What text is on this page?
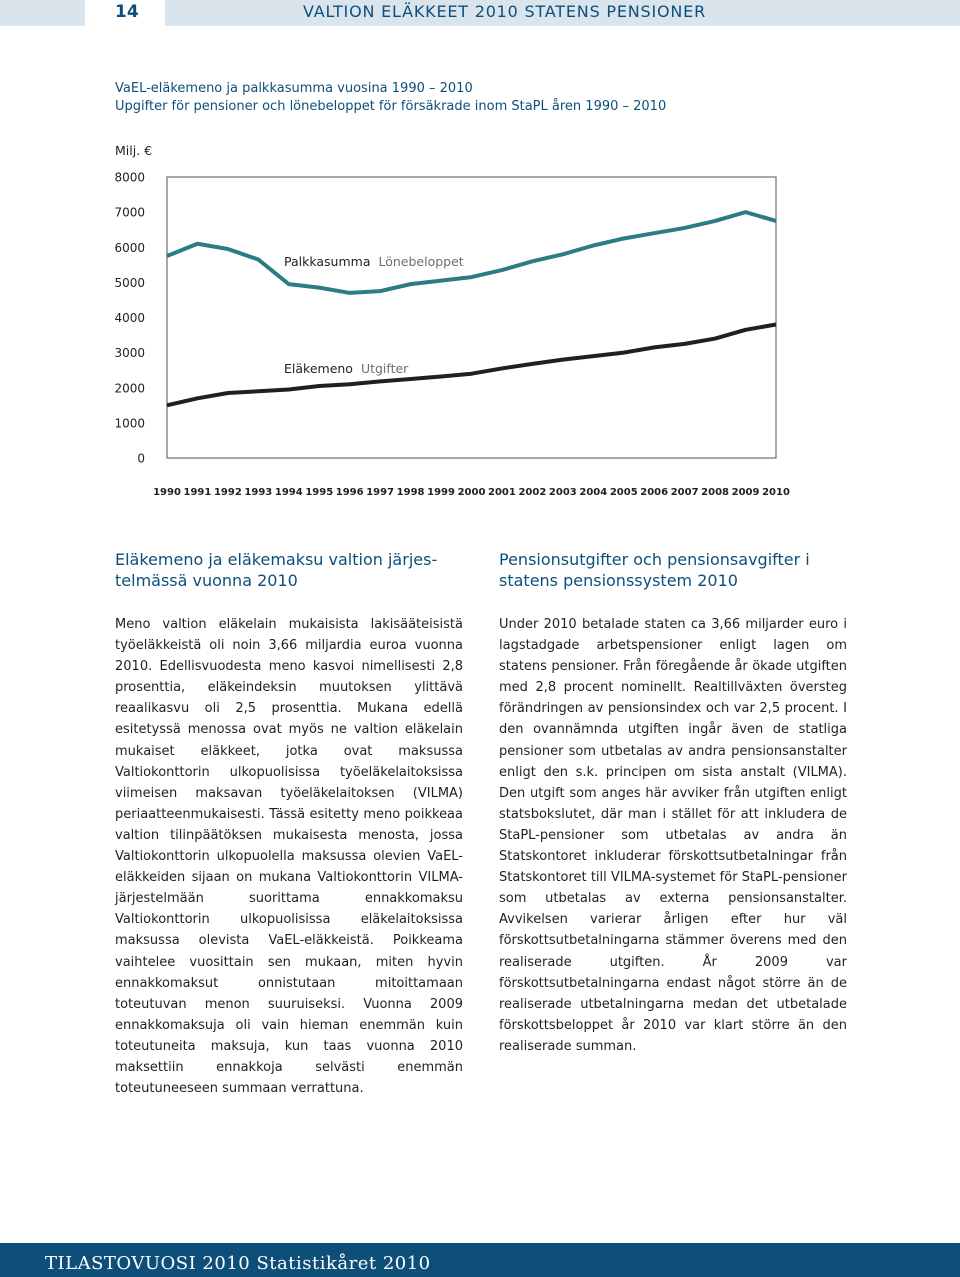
14	VALTION ELÄKKEET 2010 STATENS PENSIONER
VaEL-eläkemeno ja palkkasumma vuosina 1990 – 2010
Upgifter för pensioner och lönebeloppet för försäkrade inom StaPL åren 1990 – 2010
Milj. €
0
1000
2000
3000
4000
5000
6000
7000
8000
1990 1991 1992 1993 1994 1995 1996 1997 1998 1999 2000 2001 2002 2003 2004 2005 2006 2007 2008 2009 2010
Palkkasumma Lönebeloppet
Eläkemeno Utgifter
Eläkemeno ja eläkemaksu valtion järjestelmässä vuonna 2010
Pensionsutgifter och pensionsavgifter i statens pensionssystem 2010

Meno valtion eläkelain mukaisista lakisääteisistä työeläkkeistä oli noin 3,66 miljardia euroa vuonna 2010. Edellisvuodesta meno kasvoi nimellisesti 2,8 prosenttia, eläkeindeksin muutoksen ylittävä reaalikasvu oli 2,5 prosenttia. Mukana edellä esitetyssä menossa ovat myös ne valtion eläkelain mukaiset eläkkeet, jotka ovat maksussa Valtiokonttorin ulkopuolisissa työeläkelaitoksissa viimeisen maksavan työeläkelaitoksen (VILMA) periaatteenmukaisesti. Tässä esitetty meno poikkeaa valtion tilinpäätöksen mukaisesta menosta, jossa Valtiokonttorin ulkopuolella maksussa olevien VaEL-eläkkeiden sijaan on mukana Valtiokonttorin VILMA-järjestelmään suorittama ennakkomaksu Valtiokonttorin ulkopuolisissa eläkelaitoksissa maksussa olevista VaEL-eläkkeistä. Poikkeama vaihtelee vuosittain sen mukaan, miten hyvin ennakkomaksut onnistutaan mitoittamaan toteutuvan menon suuruiseksi. Vuonna 2009 ennakkomaksuja oli vain hieman enemmän kuin toteutuneita maksuja, kun taas vuonna 2010 maksettiin ennakkoja selvästi enemmän toteutuneeseen summaan verrattuna.

Under 2010 betalade staten ca 3,66 miljarder euro i lagstadgade arbetspensioner enligt lagen om statens pensioner. Från föregående år ökade utgiften med 2,8 procent nominellt. Realtillväxten översteg förändringen av pensionsindex och var 2,5 procent. I den ovannämnda utgiften ingår även de statliga pensioner som utbetalas av andra pensionsanstalter enligt den s.k. principen om sista anstalt (VILMA). Den utgift som anges här avviker från utgiften enligt statsbokslutet, där man i stället för att inkludera de StaPL-pensioner som utbetalas av andra än Statskontoret inkluderar förskottsutbetalningar från Statskontoret till VILMA-systemet för StaPL-pensioner som utbetalas av externa pensionsanstalter. Avvikelsen varierar årligen efter hur väl förskottsutbetalningarna stämmer överens med den realiserade utgiften. År 2009 var förskottsutbetalningarna endast något större än de realiserade utbetalningarna medan det utbetalade förskottsbeloppet år 2010 var klart större än den realiserade summan.

TILASTOVUOSI 2010 Statistikåret 2010
